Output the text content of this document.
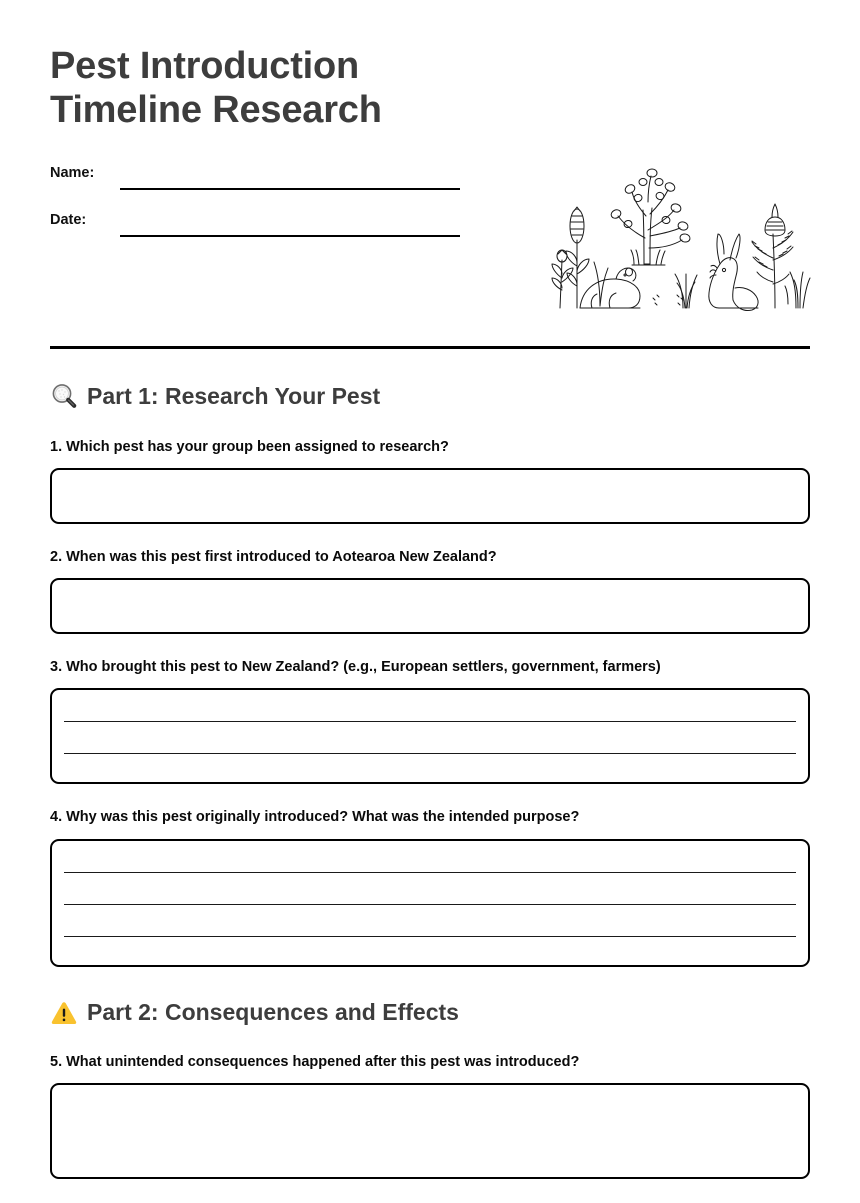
Pest Introduction Timeline Research
Name:
Date:
Part 1: Research Your Pest

1. Which pest has your group been assigned to research?

2. When was this pest first introduced to Aotearoa New Zealand?

3. Who brought this pest to New Zealand? (e.g., European settlers, government, farmers)

4. Why was this pest originally introduced? What was the intended purpose?

Part 2: Consequences and Effects

5. What unintended consequences happened after this pest was introduced?
